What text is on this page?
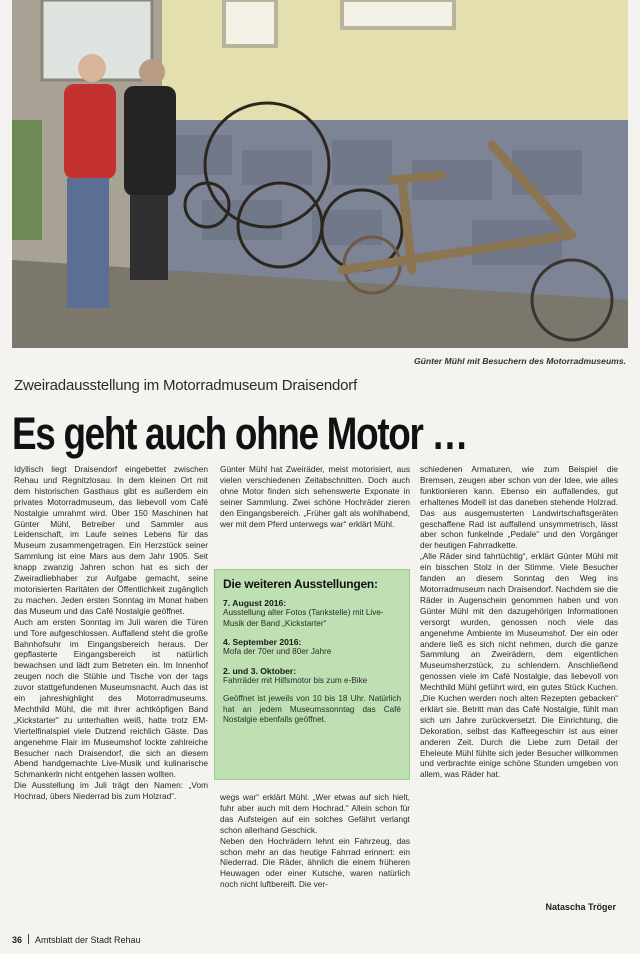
Günter Mühl mit Besuchern des Motorradmuseums.
Zweiradausstellung im Motorradmuseum Draisendorf
Es geht auch ohne Motor …

Idyllisch liegt Draisendorf eingebettet zwischen Rehau und Regnitzlosau. In dem kleinen Ort mit dem historischen Gasthaus gibt es außerdem ein privates Motorradmuseum, das liebevoll vom Café Nostalgie umrahmt wird. Über 150 Maschinen hat Günter Mühl, Betreiber und Sammler aus Leidenschaft, im Laufe seines Lebens für das Museum zusammengetragen. Ein Herzstück seiner Sammlung ist eine Mars aus dem Jahr 1905. Seit knapp zwanzig Jahren schon hat es sich der Zweiradliebhaber zur Aufgabe gemacht, seine motorisierten Raritäten der Öffentlichkeit zugänglich zu machen. Jeden ersten Sonntag im Monat haben das Museum und das Café Nostalgie geöffnet.

Auch am ersten Sonntag im Juli waren die Türen und Tore aufgeschlossen. Auffallend steht die große Bahnhofsuhr im Eingangsbereich heraus. Der gepflasterte Eingangsbereich ist natürlich bewachsen und lädt zum Betreten ein. Im Innenhof zeugen noch die Stühle und Tische von der tags zuvor stattgefundenen Museumsnacht. Auch das ist ein jahreshighlight des Motorradmuseums. Mechthild Mühl, die mit ihrer achtköpfigen Band „Kickstarter“ zu unterhalten weiß, hatte trotz EM-Viertelfinalspiel viele Dutzend reichlich Gäste. Das angenehme Flair im Museumshof lockte zahlreiche Besucher nach Draisendorf, die sich an diesem Abend handgemachte Live-Musik und kulinarische Schmankerln nicht entgehen lassen wollten.

Die Ausstellung im Juli trägt den Namen: „Vom Hochrad, übers Niederrad bis zum Holzrad“.

Günter Mühl hat Zweiräder, meist motorisiert, aus vielen verschiedenen Zeitabschnitten. Doch auch ohne Motor finden sich sehenswerte Exponate in seiner Sammlung. Zwei schöne Hochräder zieren den Eingangsbereich. „Früher galt als wohlhabend, wer mit dem Pferd unterwegs war“ erklärt Mühl.

Die weiteren Ausstellungen:
7. August 2016:
Ausstellung alter Fotos (Tankstelle) mit Live-Musik der Band „Kickstarter“
4. September 2016:
Mofa der 70er und 80er Jahre
2. und 3. Oktober:
Fahrräder mit Hilfsmotor bis zum e-Bike
Geöffnet ist jeweils von 10 bis 18 Uhr. Natürlich hat an jedem Museumssonntag das Café Nostalgie ebenfalls geöffnet.

wegs war“ erklärt Mühl. „Wer etwas auf sich hielt, fuhr aber auch mit dem Hochrad.“ Allein schon für das Aufsteigen auf ein solches Gefährt verlangt schon allerhand Geschick.

Neben den Hochrädern lehnt ein Fahrzeug, das schon mehr an das heutige Fahrrad erinnert: ein Niederrad. Die Räder, ähnlich die einem früheren Heuwagen oder einer Kutsche, waren natürlich noch nicht luftbereift. Die ver-

schiedenen Armaturen, wie zum Beispiel die Bremsen, zeugen aber schon von der Idee, wie alles funktionieren kann. Ebenso ein auffallendes, gut erhaltenes Modell ist das daneben stehende Holzrad. Das aus ausgemusterten Landwirtschaftsgeräten geschaffene Rad ist auffallend unsymmetrisch, lässt aber schon funkelnde „Pedale“ und den Vorgänger der heutigen Fahrradkette.

„Alle Räder sind fahrtüchtig“, erklärt Günter Mühl mit ein bisschen Stolz in der Stimme. Viele Besucher fanden an diesem Sonntag den Weg ins Motorradmuseum nach Draisendorf. Nachdem sie die Räder in Augenschein genommen haben und von Günter Mühl mit den dazugehörigen Informationen versorgt wurden, genossen noch viele das angenehme Ambiente im Museumshof. Der ein oder andere ließ es sich nicht nehmen, durch die ganze Sammlung an Zweirädern, dem eigentlichen Museumsherzstück, zu schlendern. Anschließend genossen viele im Café Nostalgie, das liebevoll von Mechthild Mühl geführt wird, ein gutes Stück Kuchen. „Die Kuchen werden noch alten Rezepten gebacken“ erklärt sie. Betritt man das Café Nostalgie, fühlt man sich um Jahre zurückversetzt. Die Einrichtung, die Dekoration, selbst das Kaffeegeschirr ist aus einer anderen Zeit. Durch die Liebe zum Detail der Eheleute Mühl fühlte sich jeder Besucher willkommen und verbrachte einige schöne Stunden umgeben von allem, was Räder hat.

Natascha Tröger
36 Amtsblatt der Stadt Rehau
